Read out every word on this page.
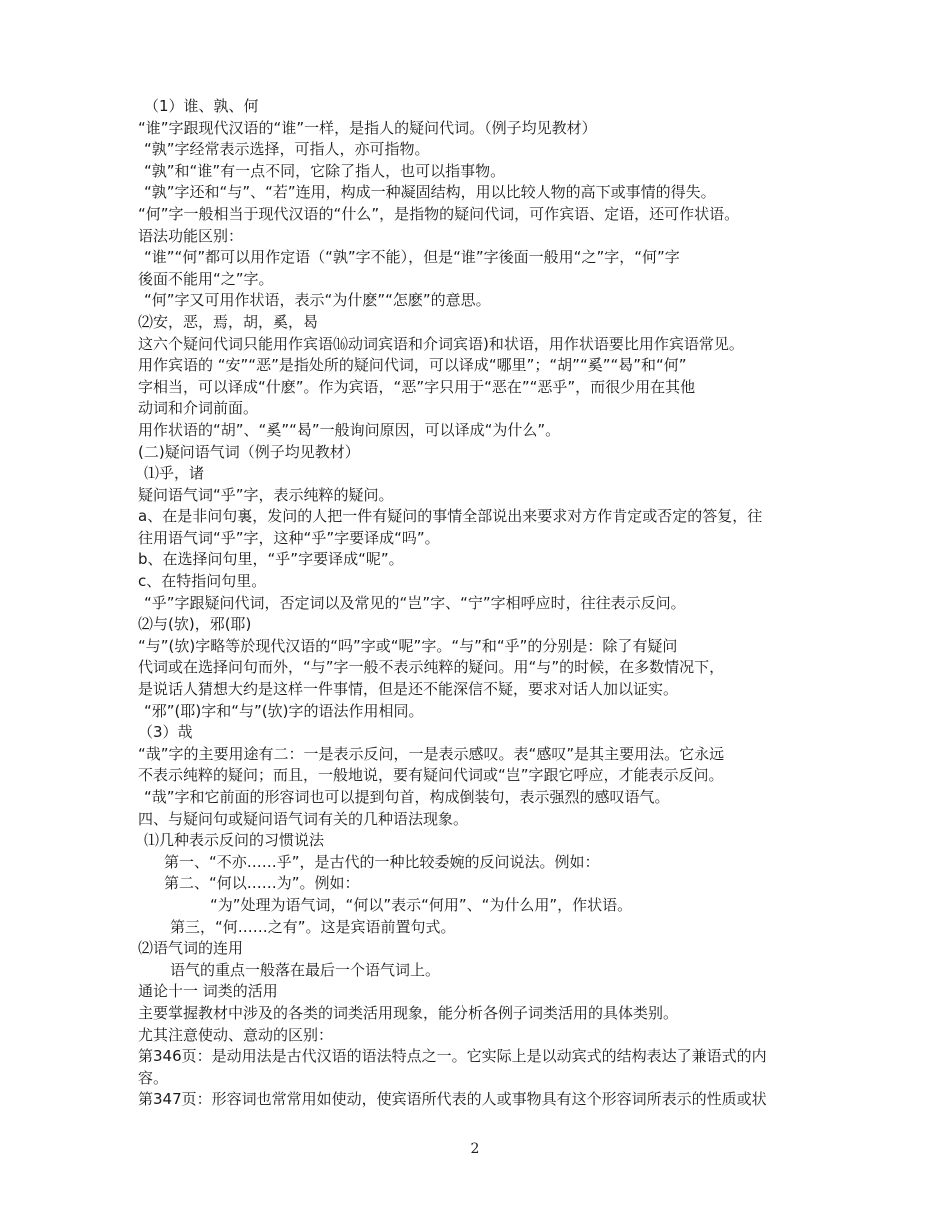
（1）谁、孰、何
“谁”字跟现代汉语的“谁”一样，是指人的疑问代词。（例子均见教材）
“孰”字经常表示选择，可指人，亦可指物。
“孰”和“谁”有一点不同，它除了指人，也可以指事物。
“孰”字还和“与”、“若”连用，构成一种凝固结构，用以比较人物的高下或事情的得失。
“何”字一般相当于现代汉语的“什么”，是指物的疑问代词，可作宾语、定语，还可作状语。
语法功能区别：
“谁”“何”都可以用作定语（“孰”字不能），但是“谁”字後面一般用“之”字，“何”字
後面不能用“之”字。
“何”字又可用作状语，表示“为什麽”“怎麽”的意思。
⑵安，恶，焉，胡，奚，曷
这六个疑问代词只能用作宾语⒃动词宾语和介词宾语)和状语，用作状语要比用作宾语常见。
用作宾语的 “安”“恶”是指处所的疑问代词，可以译成“哪里”；“胡”“奚”“曷”和“何”
字相当，可以译成“什麽”。作为宾语，“恶”字只用于“恶在”“恶乎”，而很少用在其他
动词和介词前面。
用作状语的“胡”、“奚”“曷”一般询问原因，可以译成“为什么”。
(二)疑问语气词（例子均见教材）
⑴乎，诸
疑问语气词“乎”字，表示纯粹的疑问。
a、在是非问句裏，发问的人把一件有疑问的事情全部说出来要求对方作肯定或否定的答复，往
往用语气词“乎”字，这种“乎”字要译成“吗”。
b、在选择问句里，“乎”字要译成“呢”。
c、在特指问句里。
“乎”字跟疑问代词，否定词以及常见的“岂”字、“宁”字相呼应时，往往表示反问。
⑵与(欤)，邪(耶)
“与”(欤)字略等於现代汉语的“吗”字或“呢”字。“与”和“乎”的分别是：除了有疑问
代词或在选择问句而外，“与”字一般不表示纯粹的疑问。用“与”的时候，在多数情况下，
是说话人猜想大约是这样一件事情，但是还不能深信不疑，要求对话人加以证实。
“邪”(耶)字和“与”(欤)字的语法作用相同。
（3）哉
“哉”字的主要用途有二：一是表示反问，一是表示感叹。表“感叹”是其主要用法。它永远
不表示纯粹的疑问；而且，一般地说，要有疑问代词或“岂”字跟它呼应，才能表示反问。
“哉”字和它前面的形容词也可以提到句首，构成倒装句，表示强烈的感叹语气。
四、与疑问句或疑问语气词有关的几种语法现象。
⑴几种表示反问的习惯说法
第一、“不亦……乎”，是古代的一种比较委婉的反问说法。例如：
第二、“何以……为”。例如：
“为”处理为语气词，“何以”表示“何用”、“为什么用”，作状语。
第三，“何……之有”。这是宾语前置句式。
⑵语气词的连用
语气的重点一般落在最后一个语气词上。
通论十一 词类的活用
主要掌握教材中涉及的各类的词类活用现象，能分析各例子词类活用的具体类别。
尤其注意使动、意动的区别：
第346页：是动用法是古代汉语的语法特点之一。它实际上是以动宾式的结构表达了兼语式的内
容。
第347页：形容词也常常用如使动，使宾语所代表的人或事物具有这个形容词所表示的性质或状
2
